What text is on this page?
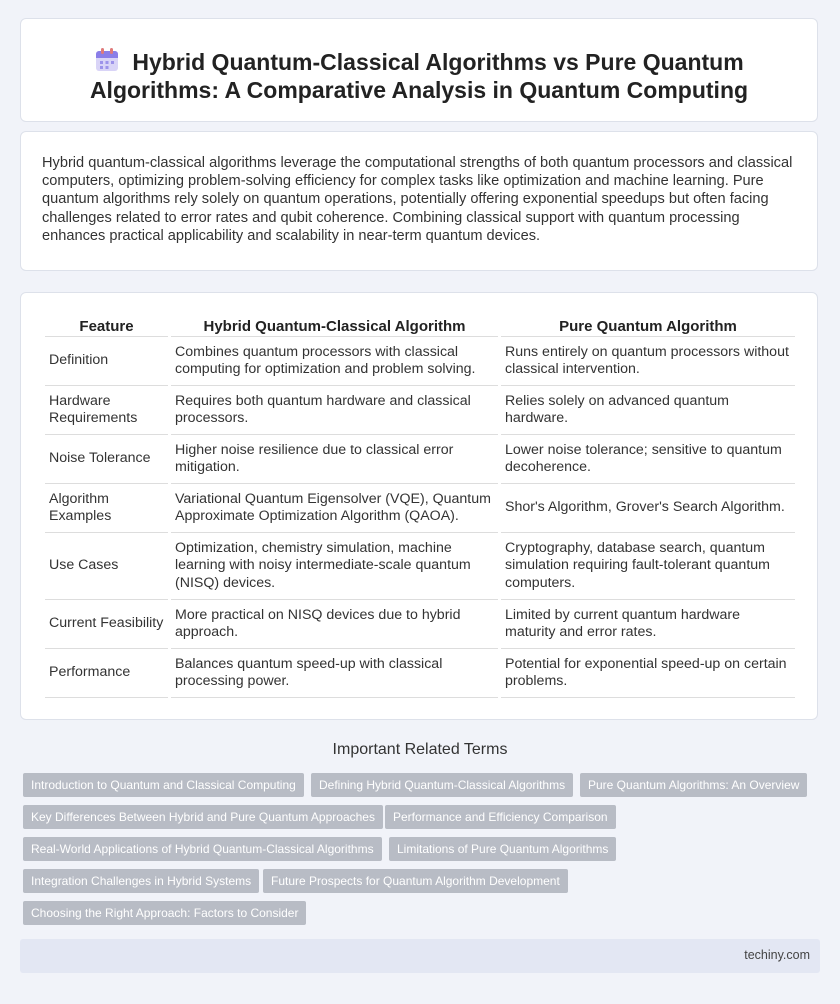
Hybrid Quantum-Classical Algorithms vs Pure Quantum
Algorithms: A Comparative Analysis in Quantum Computing

Hybrid quantum-classical algorithms leverage the computational strengths of both quantum processors and classical computers, optimizing problem-solving efficiency for complex tasks like optimization and machine learning. Pure quantum algorithms rely solely on quantum operations, potentially offering exponential speedups but often facing challenges related to error rates and qubit coherence. Combining classical support with quantum processing enhances practical applicability and scalability in near-term quantum devices.

Feature	Hybrid Quantum-Classical Algorithm	Pure Quantum Algorithm
Definition	Combines quantum processors with classical computing for optimization and problem solving.	Runs entirely on quantum processors without classical intervention.
Hardware Requirements	Requires both quantum hardware and classical processors.	Relies solely on advanced quantum hardware.
Noise Tolerance	Higher noise resilience due to classical error mitigation.	Lower noise tolerance; sensitive to quantum decoherence.
Algorithm Examples	Variational Quantum Eigensolver (VQE), Quantum Approximate Optimization Algorithm (QAOA).	Shor's Algorithm, Grover's Search Algorithm.
Use Cases	Optimization, chemistry simulation, machine learning with noisy intermediate-scale quantum (NISQ) devices.	Cryptography, database search, quantum simulation requiring fault-tolerant quantum computers.
Current Feasibility	More practical on NISQ devices due to hybrid approach.	Limited by current quantum hardware maturity and error rates.
Performance	Balances quantum speed-up with classical processing power.	Potential for exponential speed-up on certain problems.
Important Related Terms
Introduction to Quantum and Classical Computing	Defining Hybrid Quantum-Classical Algorithms	Pure Quantum Algorithms: An Overview
Key Differences Between Hybrid and Pure Quantum Approaches	Performance and Efficiency Comparison
Real-World Applications of Hybrid Quantum-Classical Algorithms	Limitations of Pure Quantum Algorithms
Integration Challenges in Hybrid Systems	Future Prospects for Quantum Algorithm Development
Choosing the Right Approach: Factors to Consider
techiny.com
